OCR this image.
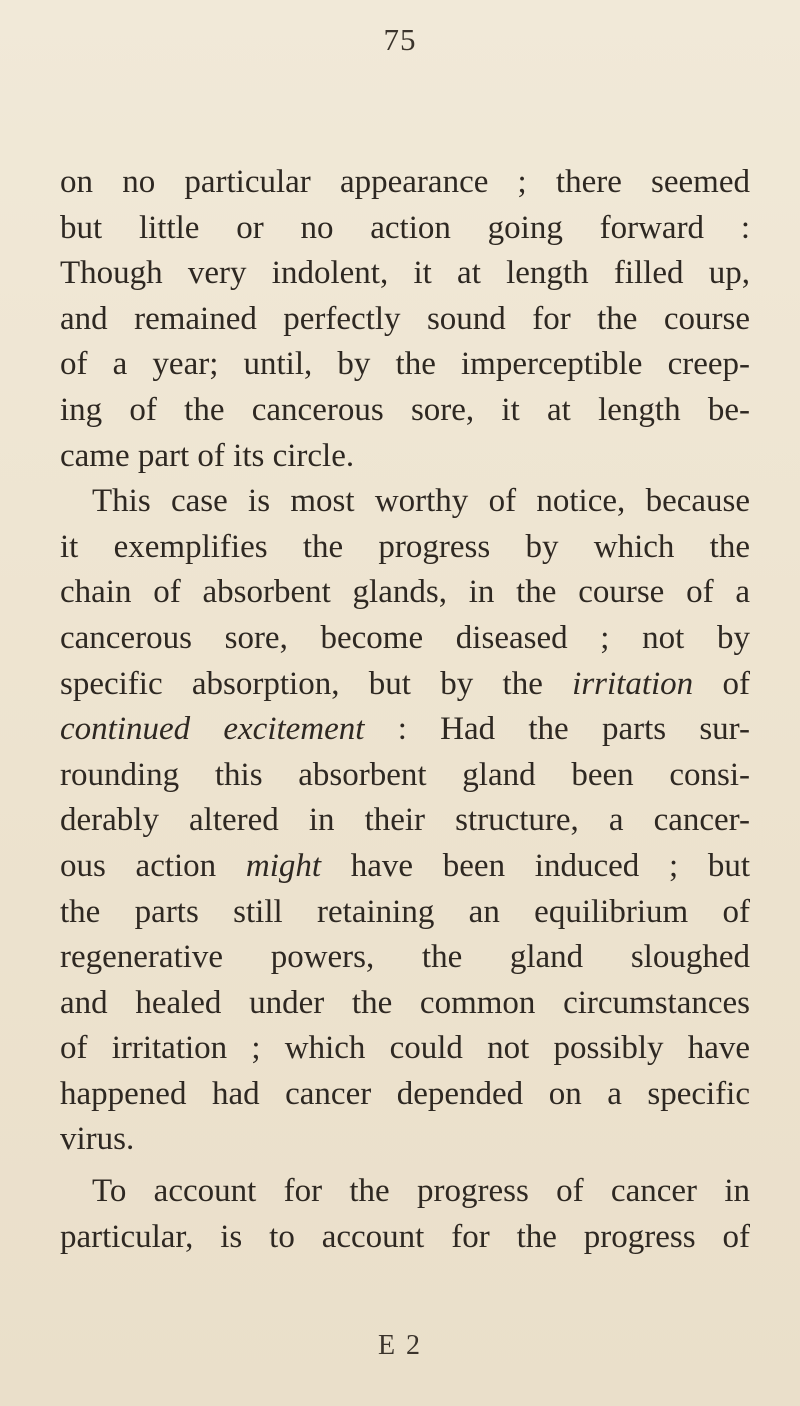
75
on no particular appearance ; there seemed
but little or no action going forward :
Though very indolent, it at length filled up,
and remained perfectly sound for the course
of a year; until, by the imperceptible creep-
ing of the cancerous sore, it at length be-
came part of its circle.
This case is most worthy of notice, because
it exemplifies the progress by which the
chain of absorbent glands, in the course of a
cancerous sore, become diseased ; not by
specific absorption, but by the irritation of
continued excitement : Had the parts sur-
rounding this absorbent gland been consi-
derably altered in their structure, a cancer-
ous action might have been induced ; but
the parts still retaining an equilibrium of
regenerative powers, the gland sloughed
and healed under the common circumstances
of irritation ; which could not possibly have
happened had cancer depended on a specific
virus.
To account for the progress of cancer in
particular, is to account for the progress of
E 2
